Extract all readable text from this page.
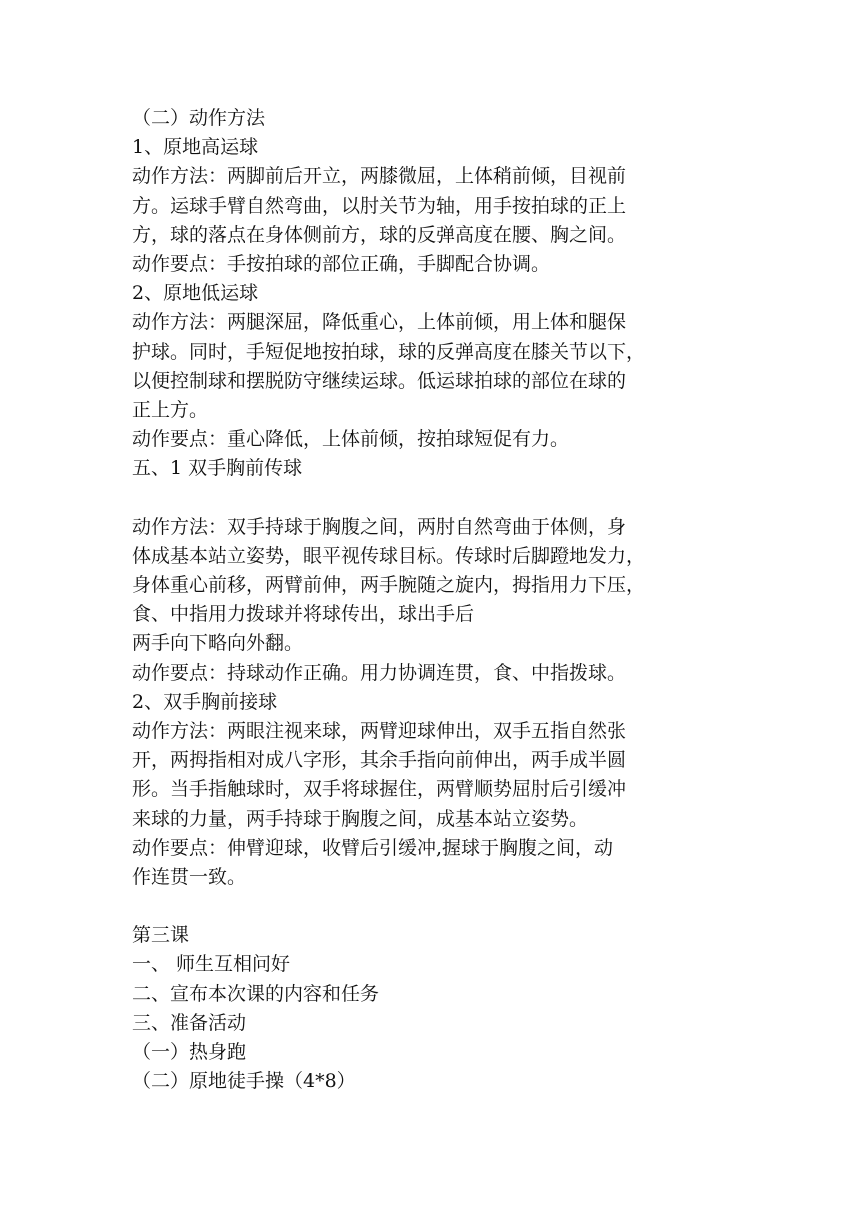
（二）动作方法
1、原地高运球
动作方法：两脚前后开立，两膝微屈，上体稍前倾，目视前
方。运球手臂自然弯曲，以肘关节为轴，用手按拍球的正上
方，球的落点在身体侧前方，球的反弹高度在腰、胸之间。
动作要点：手按拍球的部位正确，手脚配合协调。
2、原地低运球
动作方法：两腿深屈，降低重心，上体前倾，用上体和腿保
护球。同时，手短促地按拍球，球的反弹高度在膝关节以下，
以便控制球和摆脱防守继续运球。低运球拍球的部位在球的
正上方。
动作要点：重心降低，上体前倾，按拍球短促有力。
五、1 双手胸前传球
动作方法：双手持球于胸腹之间，两肘自然弯曲于体侧，身
体成基本站立姿势，眼平视传球目标。传球时后脚蹬地发力，
身体重心前移，两臂前伸，两手腕随之旋内，拇指用力下压，
食、中指用力拨球并将球传出，球出手后
两手向下略向外翻。
动作要点：持球动作正确。用力协调连贯，食、中指拨球。
2、双手胸前接球
动作方法：两眼注视来球，两臂迎球伸出，双手五指自然张
开，两拇指相对成八字形，其余手指向前伸出，两手成半圆
形。当手指触球时，双手将球握住，两臂顺势屈肘后引缓冲
来球的力量，两手持球于胸腹之间，成基本站立姿势。
动作要点：伸臂迎球，收臂后引缓冲,握球于胸腹之间，动
作连贯一致。
第三课
一、 师生互相问好
二、宣布本次课的内容和任务
三、准备活动
（一）热身跑
（二）原地徒手操（4*8）
